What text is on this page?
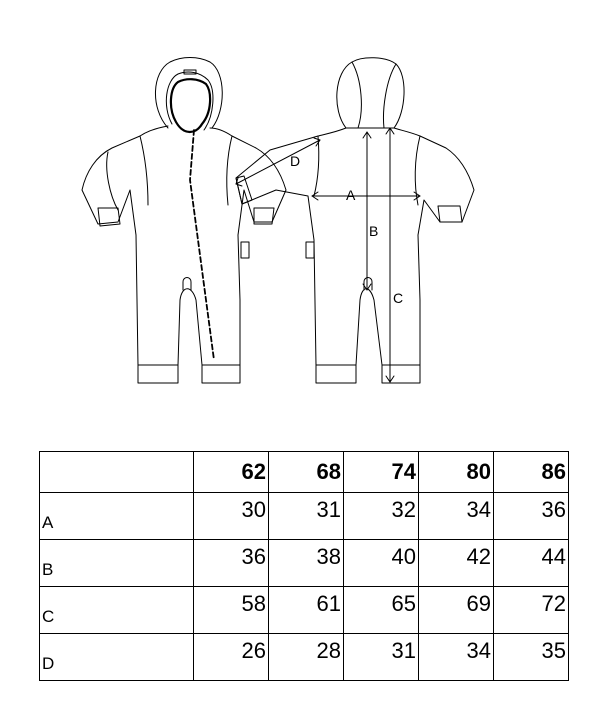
A
B
C
D
	62	68	74	80	86
A	30	31	32	34	36
B	36	38	40	42	44
C	58	61	65	69	72
D	26	28	31	34	35
